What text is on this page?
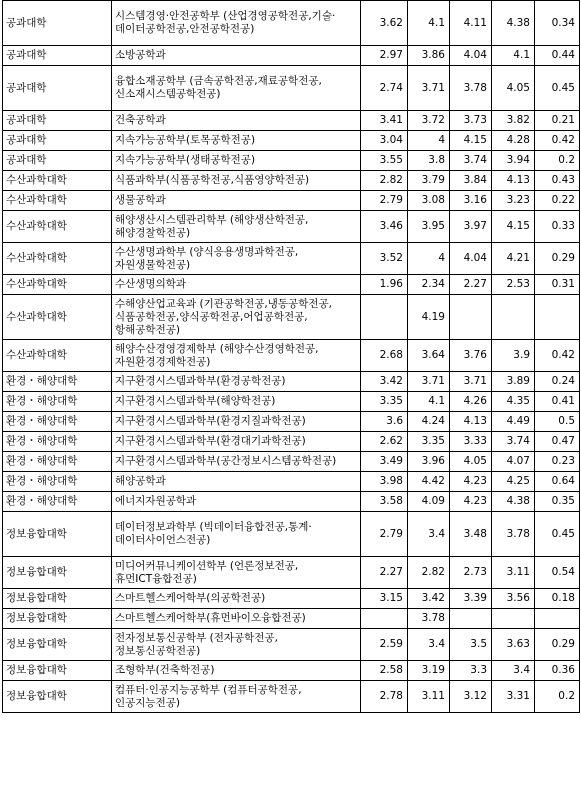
공과대학	시스템경영·안전공학부 (산업경영공학전공,기술·데이터공학전공,안전공학전공)	3.62	4.1	4.11	4.38	0.34
공과대학	소방공학과	2.97	3.86	4.04	4.1	0.44
공과대학	융합소재공학부 (금속공학전공,재료공학전공,신소재시스템공학전공)	2.74	3.71	3.78	4.05	0.45
공과대학	건축공학과	3.41	3.72	3.73	3.82	0.21
공과대학	지속가능공학부(토목공학전공)	3.04	4	4.15	4.28	0.42
공과대학	지속가능공학부(생태공학전공)	3.55	3.8	3.74	3.94	0.2
수산과학대학	식품과학부(식품공학전공,식품영양학전공)	2.82	3.79	3.84	4.13	0.43
수산과학대학	생물공학과	2.79	3.08	3.16	3.23	0.22
수산과학대학	해양생산시스템관리학부 (해양생산학전공,해양경찰학전공)	3.46	3.95	3.97	4.15	0.33
수산과학대학	수산생명과학부 (양식응용생명과학전공,자원생물학전공)	3.52	4	4.04	4.21	0.29
수산과학대학	수산생명의학과	1.96	2.34	2.27	2.53	0.31
수산과학대학	수해양산업교육과 (기관공학전공,냉동공학전공,식품공학전공,양식공학전공,어업공학전공,항해공학전공)		4.19			
수산과학대학	해양수산경영경제학부 (해양수산경영학전공,자원환경경제학전공)	2.68	3.64	3.76	3.9	0.42
환경・해양대학	지구환경시스템과학부(환경공학전공)	3.42	3.71	3.71	3.89	0.24
환경・해양대학	지구환경시스템과학부(해양학전공)	3.35	4.1	4.26	4.35	0.41
환경・해양대학	지구환경시스템과학부(환경지질과학전공)	3.6	4.24	4.13	4.49	0.5
환경・해양대학	지구환경시스템과학부(환경대기과학전공)	2.62	3.35	3.33	3.74	0.47
환경・해양대학	지구환경시스템과학부(공간정보시스템공학전공)	3.49	3.96	4.05	4.07	0.23
환경・해양대학	해양공학과	3.98	4.42	4.23	4.25	0.64
환경・해양대학	에너지자원공학과	3.58	4.09	4.23	4.38	0.35
정보융합대학	데이터정보과학부 (빅데이터융합전공,통계·데이터사이언스전공)	2.79	3.4	3.48	3.78	0.45
정보융합대학	미디어커뮤니케이션학부 (언론정보전공,휴먼ICT융합전공)	2.27	2.82	2.73	3.11	0.54
정보융합대학	스마트헬스케어학부(의공학전공)	3.15	3.42	3.39	3.56	0.18
정보융합대학	스마트헬스케어학부(휴먼바이오융합전공)		3.78			
정보융합대학	전자정보통신공학부 (전자공학전공,정보통신공학전공)	2.59	3.4	3.5	3.63	0.29
정보융합대학	조형학부(건축학전공)	2.58	3.19	3.3	3.4	0.36
정보융합대학	컴퓨터·인공지능공학부 (컴퓨터공학전공,인공지능전공)	2.78	3.11	3.12	3.31	0.2
